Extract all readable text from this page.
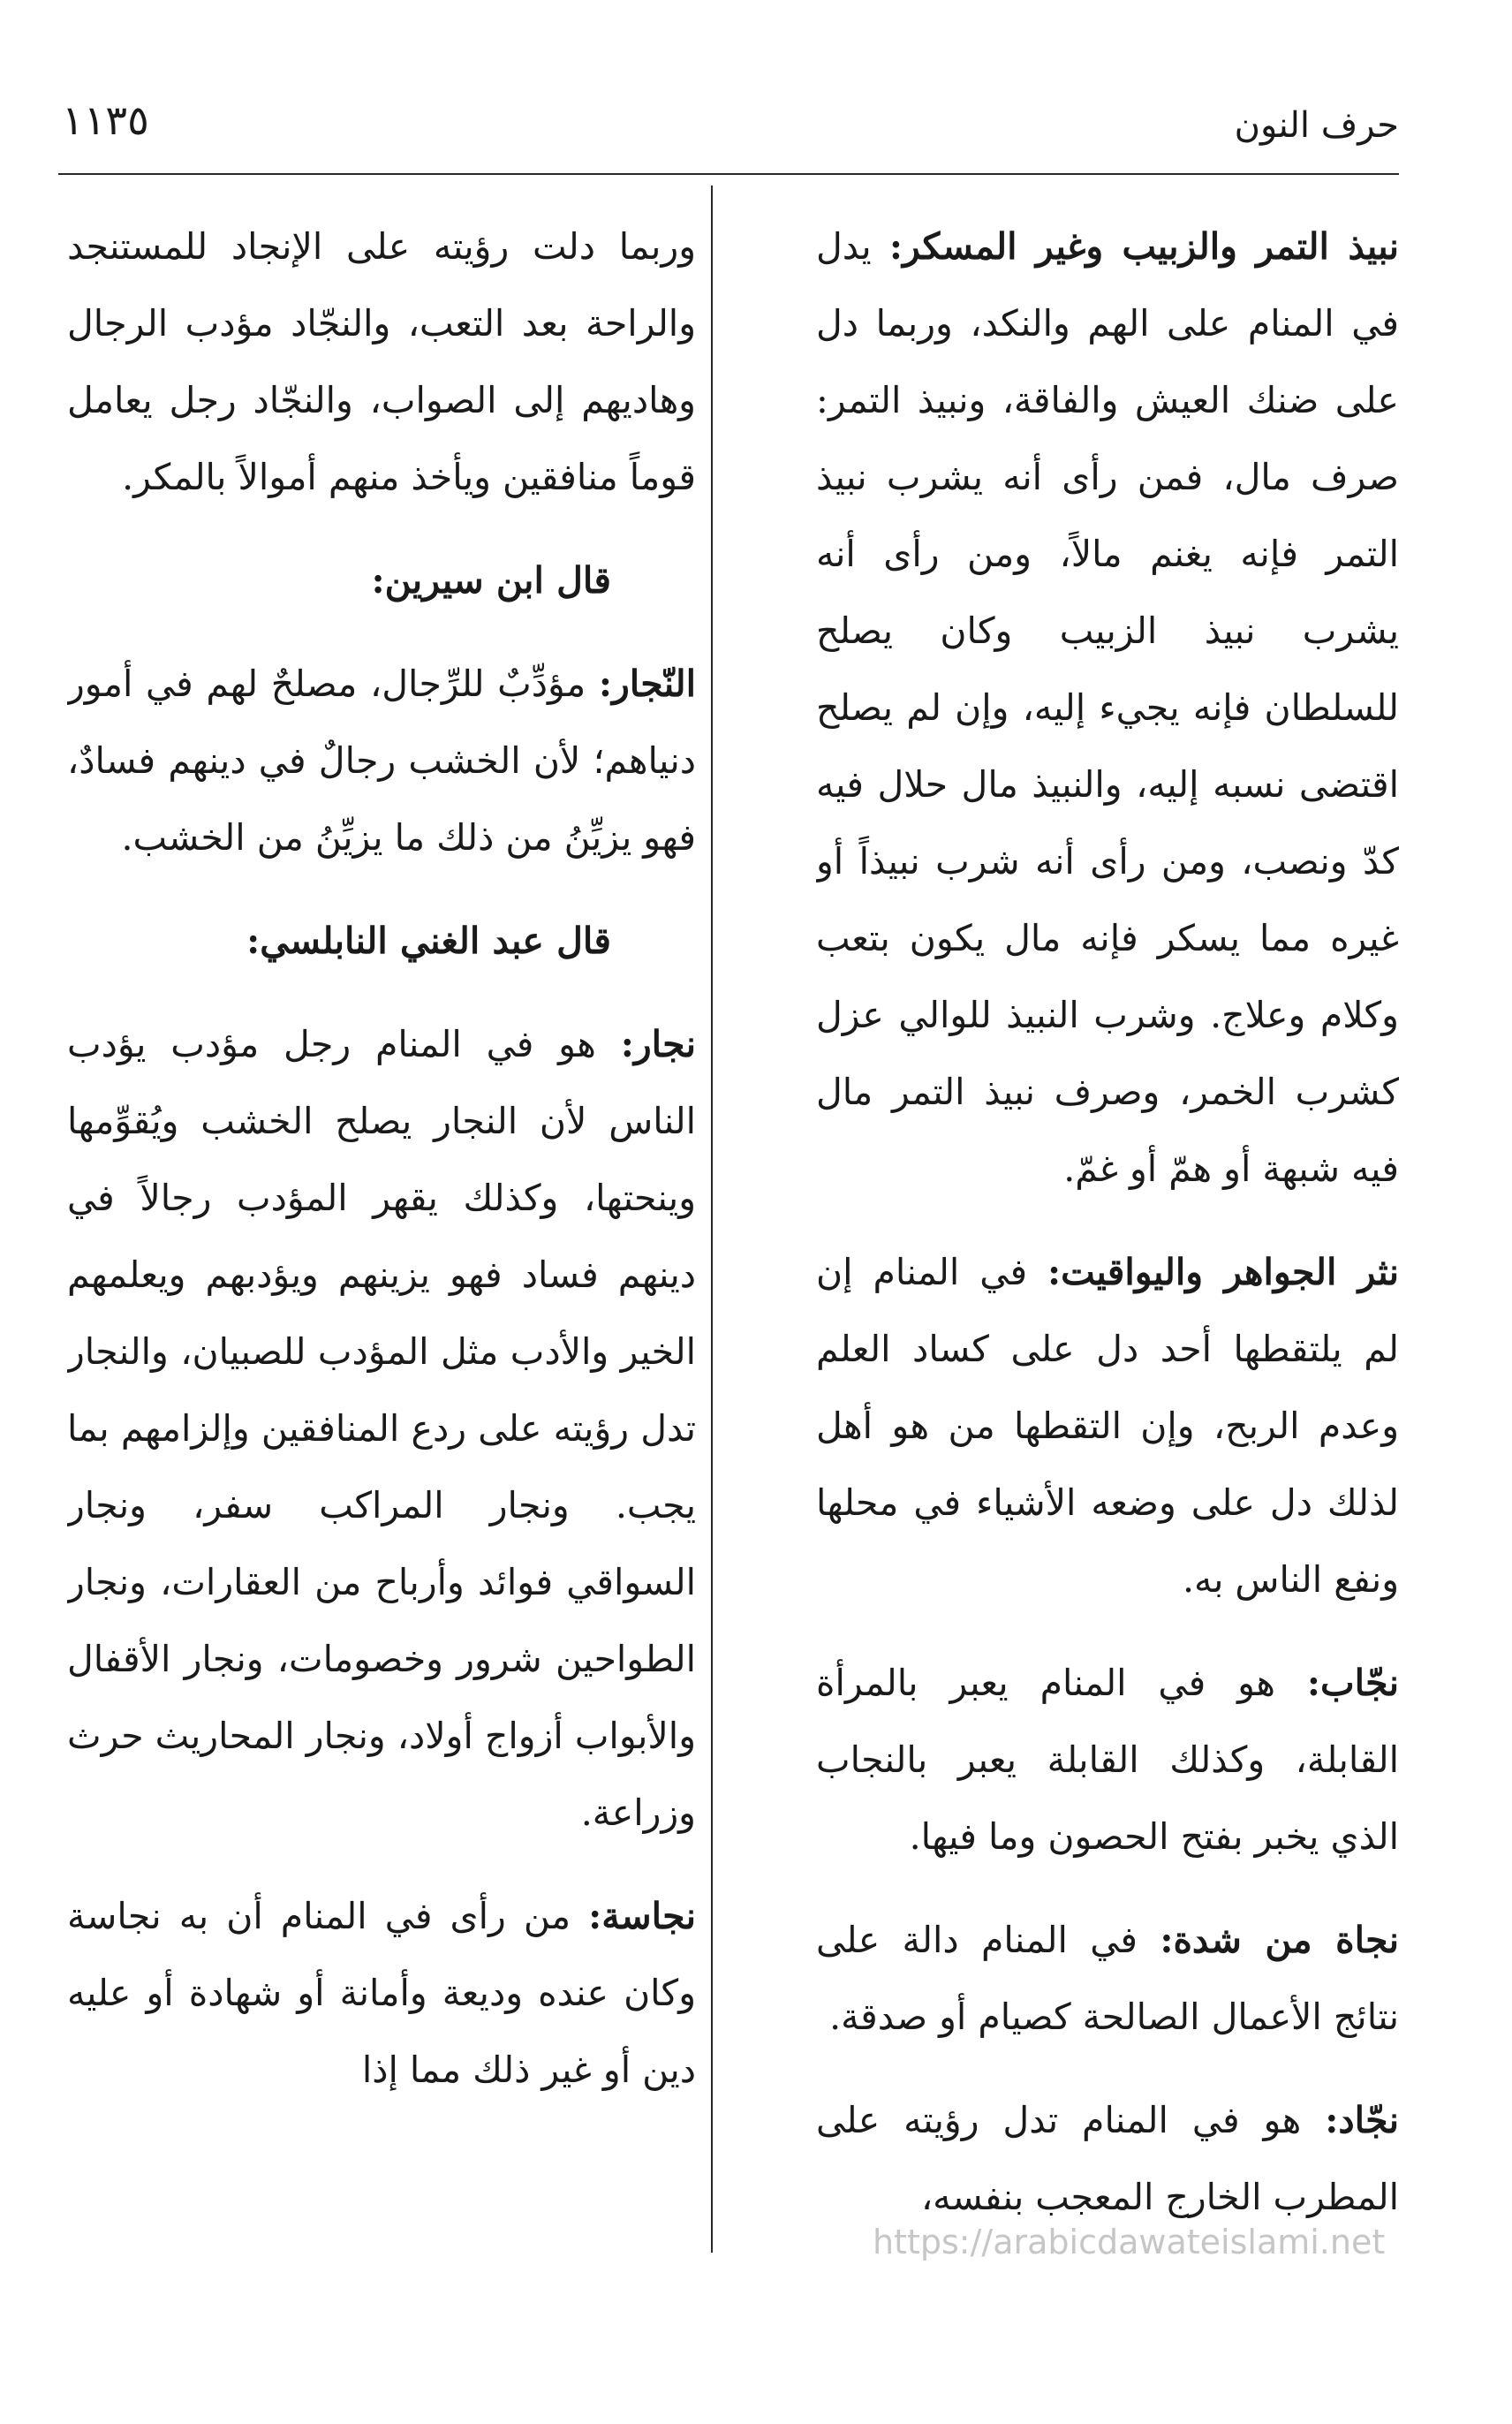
حرف النون
١١٣٥

نبيذ التمر والزبيب وغير المسكر: يدل في المنام على الهم والنكد، وربما دل على ضنك العيش والفاقة، ونبيذ التمر: صرف مال، فمن رأى أنه يشرب نبيذ التمر فإنه يغنم مالاً، ومن رأى أنه يشرب نبيذ الزبيب وكان يصلح للسلطان فإنه يجيء إليه، وإن لم يصلح اقتضى نسبه إليه، والنبيذ مال حلال فيه كدّ ونصب، ومن رأى أنه شرب نبيذاً أو غيره مما يسكر فإنه مال يكون بتعب وكلام وعلاج. وشرب النبيذ للوالي عزل كشرب الخمر، وصرف نبيذ التمر مال فيه شبهة أو همّ أو غمّ.

نثر الجواهر واليواقيت: في المنام إن لم يلتقطها أحد دل على كساد العلم وعدم الربح، وإن التقطها من هو أهل لذلك دل على وضعه الأشياء في محلها ونفع الناس به.

نجّاب: هو في المنام يعبر بالمرأة القابلة، وكذلك القابلة يعبر بالنجاب الذي يخبر بفتح الحصون وما فيها.

نجاة من شدة: في المنام دالة على نتائج الأعمال الصالحة كصيام أو صدقة.

نجّاد: هو في المنام تدل رؤيته على المطرب الخارج المعجب بنفسه،

وربما دلت رؤيته على الإنجاد للمستنجد والراحة بعد التعب، والنجّاد مؤدب الرجال وهاديهم إلى الصواب، والنجّاد رجل يعامل قوماً منافقين ويأخذ منهم أموالاً بالمكر.

قال ابن سيرين:

النّجار: مؤدِّبٌ للرِّجال، مصلحٌ لهم في أمور دنياهم؛ لأن الخشب رجالٌ في دينهم فسادٌ، فهو يزيِّنُ من ذلك ما يزيِّنُ من الخشب.

قال عبد الغني النابلسي:

نجار: هو في المنام رجل مؤدب يؤدب الناس لأن النجار يصلح الخشب ويُقوِّمها وينحتها، وكذلك يقهر المؤدب رجالاً في دينهم فساد فهو يزينهم ويؤدبهم ويعلمهم الخير والأدب مثل المؤدب للصبيان، والنجار تدل رؤيته على ردع المنافقين وإلزامهم بما يجب. ونجار المراكب سفر، ونجار السواقي فوائد وأرباح من العقارات، ونجار الطواحين شرور وخصومات، ونجار الأقفال والأبواب أزواج أولاد، ونجار المحاريث حرث وزراعة.

نجاسة: من رأى في المنام أن به نجاسة وكان عنده وديعة وأمانة أو شهادة أو عليه دين أو غير ذلك مما إذا

https://arabicdawateislami.net
